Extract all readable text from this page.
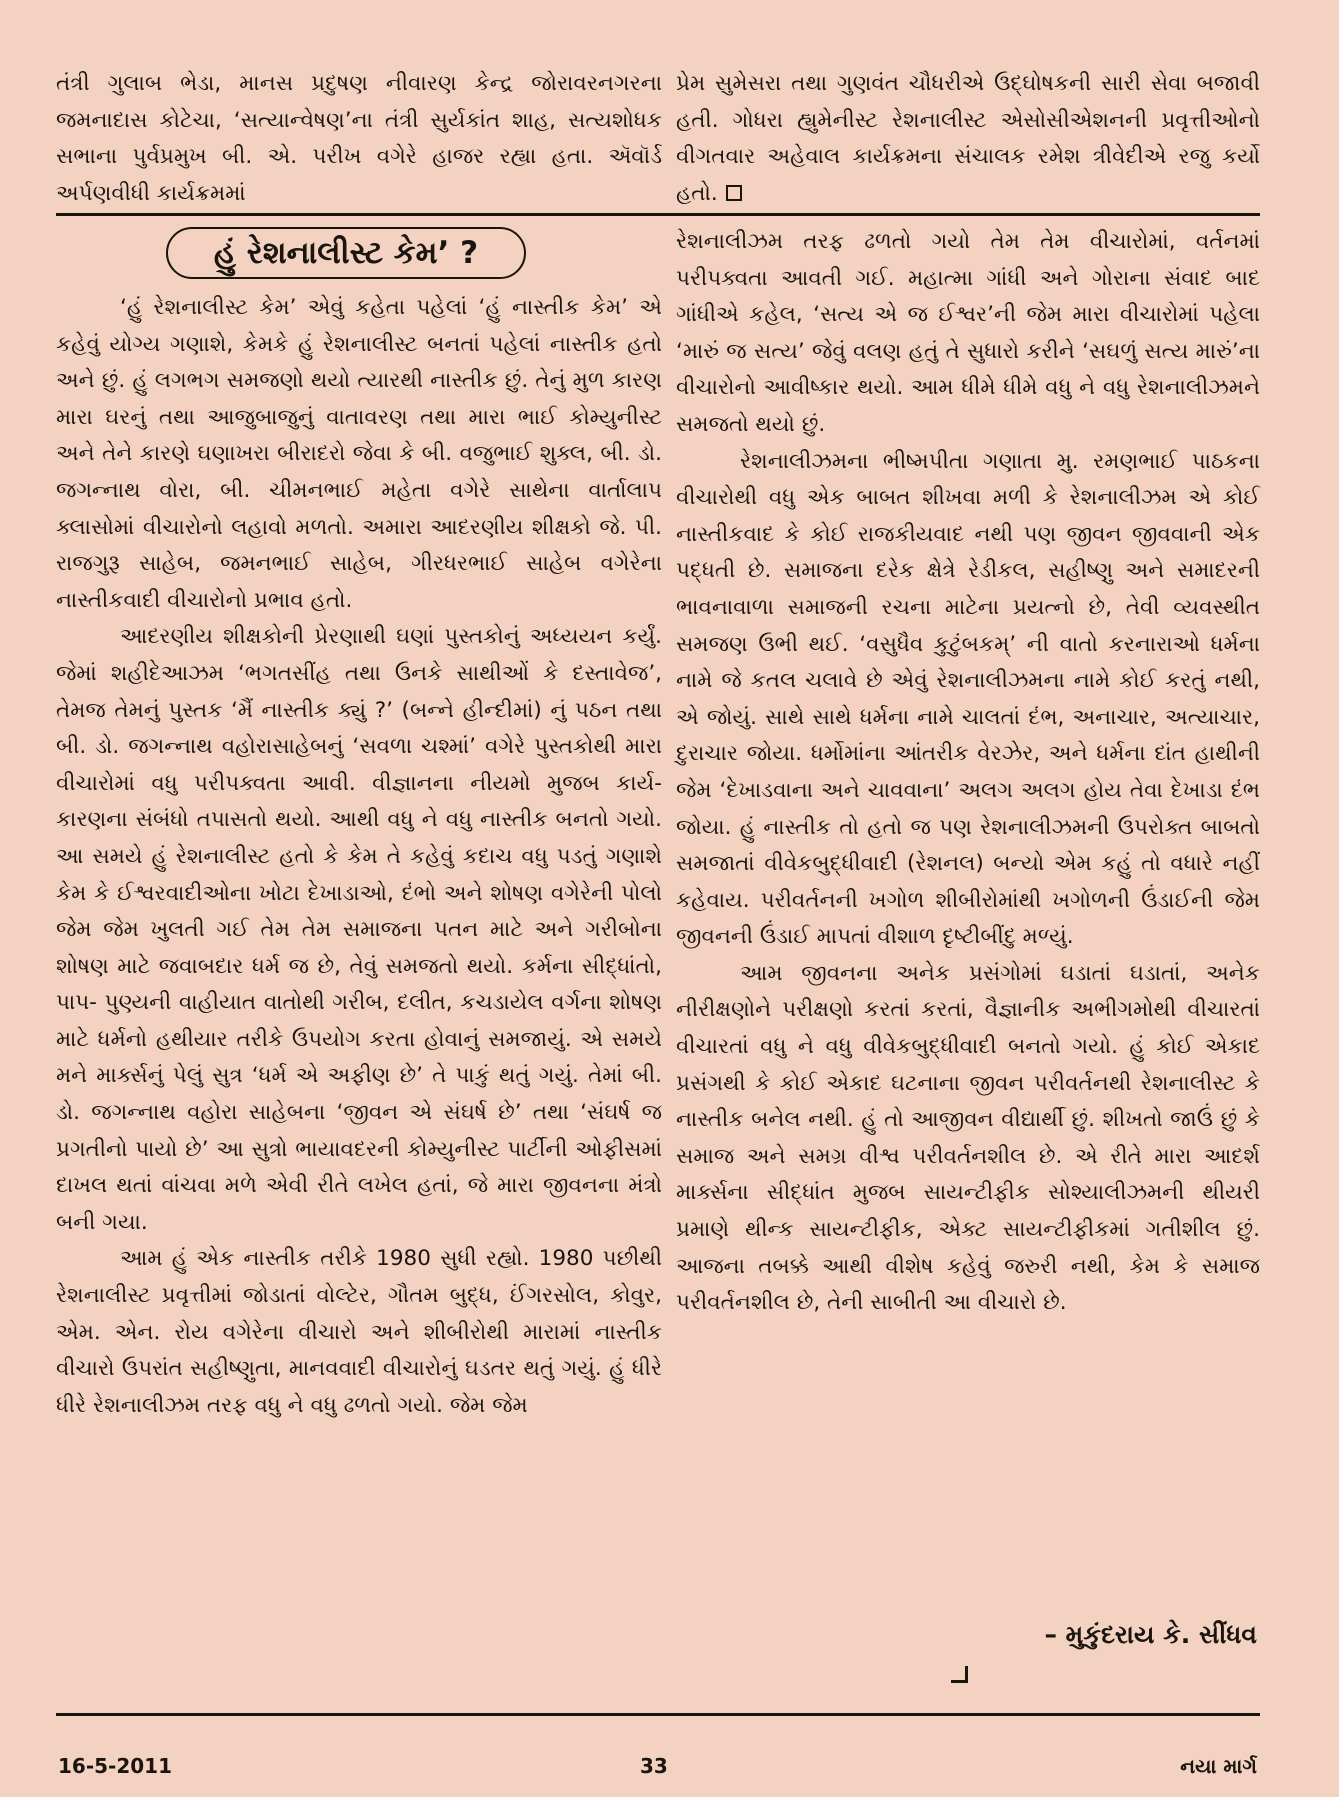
તંત્રી ગુલાબ ભેડા, માનસ પ્રદુષણ નીવારણ કેન્દ્ર જોરાવરનગરના જમનાદાસ કોટેચા, ‘સત્યાન્વેષણ’ના તંત્રી સુર્યકાંત શાહ, સત્યશોધક સભાના પુર્વપ્રમુખ બી. એ. પરીખ વગેરે હાજર રહ્યા હતા. ઍવૉર્ડ અર્પણવીધી કાર્યક્રમમાં

પ્રેમ સુમેસરા તથા ગુણવંત ચૌધરીએ ઉદ્‌ઘોષકની સારી સેવા બજાવી હતી. ગોધરા હ્યુમેનીસ્ટ રેશનાલીસ્ટ એસોસીએશનની પ્રવૃત્તીઓનો વીગતવાર અહેવાલ કાર્યક્રમના સંચાલક રમેશ ત્રીવેદીએ રજુ કર્યો હતો.

હું રેશનાલીસ્ટ કેમ’ ?

‘હું રેશનાલીસ્ટ કેમ’ એવું કહેતા પહેલાં ‘હું નાસ્તીક કેમ’ એ કહેવું યોગ્ય ગણાશે, કેમકે હું રેશનાલીસ્ટ બનતાં પહેલાં નાસ્તીક હતો અને છું. હું લગભગ સમજણો થયો ત્યારથી નાસ્તીક છું. તેનું મુળ કારણ મારા ઘરનું તથા આજુબાજુનું વાતાવરણ તથા મારા ભાઈ કોમ્યુનીસ્ટ અને તેને કારણે ઘણાખરા બીરાદરો જેવા કે બી. વજુભાઈ શુક્લ, બી. ડો. જગન્નાથ વોરા, બી. ચીમનભાઈ મહેતા વગેરે સાથેના વાર્તાલાપ ક્લાસોમાં વીચારોનો લહાવો મળતો. અમારા આદરણીય શીક્ષકો જે. પી. રાજગુરૂ સાહેબ, જમનભાઈ સાહેબ, ગીરધરભાઈ સાહેબ વગેરેના નાસ્તીકવાદી વીચારોનો પ્રભાવ હતો.

આદરણીય શીક્ષકોની પ્રેરણાથી ઘણાં પુસ્તકોનું અધ્યયન કર્યું. જેમાં શહીદેઆઝમ ‘ભગતસીંહ તથા ઉનકે સાથીઓં કે દસ્તાવેજ’, તેમજ તેમનું પુસ્તક ‘મૈં નાસ્તીક ક્યું ?’ (બન્ને હીન્દીમાં) નું પઠન તથા બી. ડો. જગન્નાથ વહોરાસાહેબનું ‘સવળા ચશ્માં’ વગેરે પુસ્તકોથી મારા વીચારોમાં વધુ પરીપક્વતા આવી. વીજ્ઞાનના નીયમો મુજબ કાર્ય-કારણના સંબંધો તપાસતો થયો. આથી વધુ ને વધુ નાસ્તીક બનતો ગયો. આ સમયે હું રેશનાલીસ્ટ હતો કે કેમ તે કહેવું કદાચ વધુ પડતું ગણાશે કેમ કે ઈશ્વરવાદીઓના ખોટા દેખાડાઓ, દંભો અને શોષણ વગેરેની પોલો જેમ જેમ ખુલતી ગઈ તેમ તેમ સમાજના પતન માટે અને ગરીબોના શોષણ માટે જવાબદાર ધર્મ જ છે, તેવું સમજતો થયો. કર્મના સીદ્ધાંતો, પાપ- પુણ્યની વાહીયાત વાતોથી ગરીબ, દલીત, કચડાયેલ વર્ગના શોષણ માટે ધર્મનો હથીયાર તરીકે ઉપયોગ કરતા હોવાનું સમજાયું. એ સમયે મને માર્ક્સનું પેલું સુત્ર ‘ધર્મ એ અફીણ છે’ તે પાકું થતું ગયું. તેમાં બી. ડો. જગન્નાથ વહોરા સાહેબના ‘જીવન એ સંઘર્ષ છે’ તથા ‘સંઘર્ષ જ પ્રગતીનો પાયો છે’ આ સુત્રો ભાયાવદરની કોમ્યુનીસ્ટ પાર્ટીની ઓફીસમાં દાખલ થતાં વાંચવા મળે એવી રીતે લખેલ હતાં, જે મારા જીવનના મંત્રો બની ગયા.

આમ હું એક નાસ્તીક તરીકે 1980 સુધી રહ્યો. 1980 પછીથી રેશનાલીસ્ટ પ્રવૃત્તીમાં જોડાતાં વોલ્ટેર, ગૌતમ બુદ્ધ, ઈંગરસોલ, કોવુર, એમ. એન. રોય વગેરેના વીચારો અને શીબીરોથી મારામાં નાસ્તીક વીચારો ઉપરાંત સહીષ્ણુતા, માનવવાદી વીચારોનું ઘડતર થતું ગયું. હું ધીરે ધીરે રેશનાલીઝમ તરફ વધુ ને વધુ ઢળતો ગયો. જેમ જેમ

રેશનાલીઝમ તરફ ઢળતો ગયો તેમ તેમ વીચારોમાં, વર્તનમાં પરીપક્વતા આવતી ગઈ. મહાત્મા ગાંધી અને ગોરાના સંવાદ બાદ ગાંધીએ કહેલ, ‘સત્ય એ જ ઈશ્વર’ની જેમ મારા વીચારોમાં પહેલા ‘મારું જ સત્ય’ જેવું વલણ હતું તે સુધારો કરીને ‘સઘળું સત્ય મારું’ના વીચારોનો આવીષ્કાર થયો. આમ ધીમે ધીમે વધુ ને વધુ રેશનાલીઝમને સમજતો થયો છું.

રેશનાલીઝમના ભીષ્મપીતા ગણાતા મુ. રમણભાઈ પાઠકના વીચારોથી વધુ એક બાબત શીખવા મળી કે રેશનાલીઝમ એ કોઈ નાસ્તીકવાદ કે કોઈ રાજકીયવાદ નથી પણ જીવન જીવવાની એક પદ્ધતી છે. સમાજના દરેક ક્ષેત્રે રેડીકલ, સહીષ્ણુ અને સમાદરની ભાવનાવાળા સમાજની રચના માટેના પ્રયત્નો છે, તેવી વ્યવસ્થીત સમજણ ઉભી થઈ. ‘વસુધૈવ કુટુંબકમ્’ ની વાતો કરનારાઓ ધર્મના નામે જે કતલ ચલાવે છે એવું રેશનાલીઝમના નામે કોઈ કરતું નથી, એ જોયું. સાથે સાથે ધર્મના નામે ચાલતાં દંભ, અનાચાર, અત્યાચાર, દુરાચાર જોયા. ધર્મોમાંના આંતરીક વેરઝેર, અને ધર્મના દાંત હાથીની જેમ ‘દેખાડવાના અને ચાવવાના’ અલગ અલગ હોય તેવા દેખાડા દંભ જોયા. હું નાસ્તીક તો હતો જ પણ રેશનાલીઝમની ઉપરોક્ત બાબતો સમજાતાં વીવેકબુદ્ધીવાદી (રેશનલ) બન્યો એમ કહું તો વધારે નહીં કહેવાય. પરીવર્તનની ખગોળ શીબીરોમાંથી ખગોળની ઉંડાઈની જેમ જીવનની ઉંડાઈ માપતાં વીશાળ દૃષ્ટીબીંદુ મળ્યું.

આમ જીવનના અનેક પ્રસંગોમાં ઘડાતાં ઘડાતાં, અનેક નીરીક્ષણોને પરીક્ષણો કરતાં કરતાં, વૈજ્ઞાનીક અભીગમોથી વીચારતાં વીચારતાં વધુ ને વધુ વીવેકબુદ્ધીવાદી બનતો ગયો. હું કોઈ એકાદ પ્રસંગથી કે કોઈ એકાદ ઘટનાના જીવન પરીવર્તનથી રેશનાલીસ્ટ કે નાસ્તીક બનેલ નથી. હું તો આજીવન વીદ્યાર્થી છું. શીખતો જાઉં છું કે સમાજ અને સમગ્ર વીશ્વ પરીવર્તનશીલ છે. એ રીતે મારા આદર્શ માર્ક્સના સીદ્ધાંત મુજબ સાયન્ટીફીક સોશ્યાલીઝમની થીયરી પ્રમાણે થીન્ક સાયન્ટીફીક, એક્ટ સાયન્ટીફીકમાં ગતીશીલ છું. આજના તબક્કે આથી વીશેષ કહેવું જરુરી નથી, કેમ કે સમાજ પરીવર્તનશીલ છે, તેની સાબીતી આ વીચારો છે.

– મુકુંદરાય કે. સીંધવ
16-5-2011	33	નયા માર્ગ
